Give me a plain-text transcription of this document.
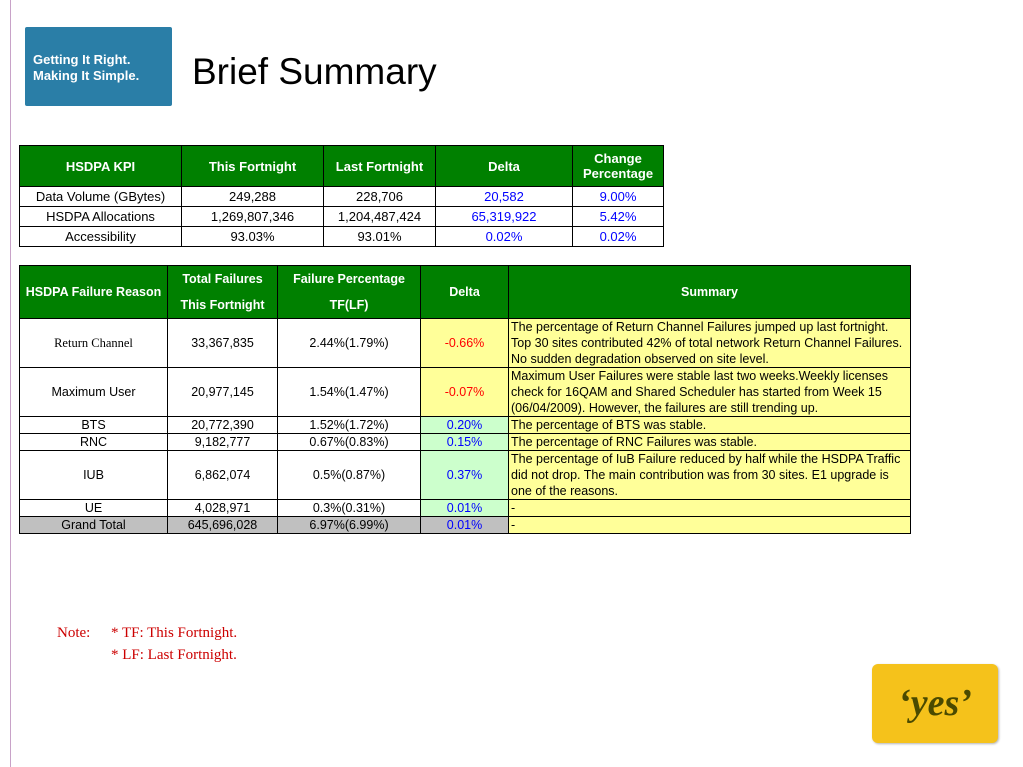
Getting It Right.
Making It Simple.	Brief Summary
HSDPA KPI	This Fortnight	Last Fortnight	Delta	Change Percentage
Data Volume (GBytes)	249,288	228,706	20,582	9.00%
HSDPA Allocations	1,269,807,346	1,204,487,424	65,319,922	5.42%
Accessibility	93.03%	93.01%	0.02%	0.02%
HSDPA Failure Reason	Total Failures This Fortnight	Failure Percentage TF(LF)	Delta	Summary
Return Channel	33,367,835	2.44%(1.79%)	-0.66%	The percentage of Return Channel Failures jumped up last fortnight. Top 30 sites contributed 42% of total network Return Channel Failures. No sudden degradation observed on site level.
Maximum User	20,977,145	1.54%(1.47%)	-0.07%	Maximum User Failures were stable last two weeks.Weekly licenses check for 16QAM and Shared Scheduler has started from Week 15 (06/04/2009). However, the failures are still trending up.
BTS	20,772,390	1.52%(1.72%)	0.20%	The percentage of BTS was stable.
RNC	9,182,777	0.67%(0.83%)	0.15%	The percentage of RNC Failures was stable.
IUB	6,862,074	0.5%(0.87%)	0.37%	The percentage of IuB Failure reduced by half while the HSDPA Traffic did not drop. The main contribution was from 30 sites. E1 upgrade is one of the reasons.
UE	4,028,971	0.3%(0.31%)	0.01%	-
Grand Total	645,696,028	6.97%(6.99%)	0.01%	-
Note: * TF: This Fortnight.
* LF: Last Fortnight.
‘yes’
